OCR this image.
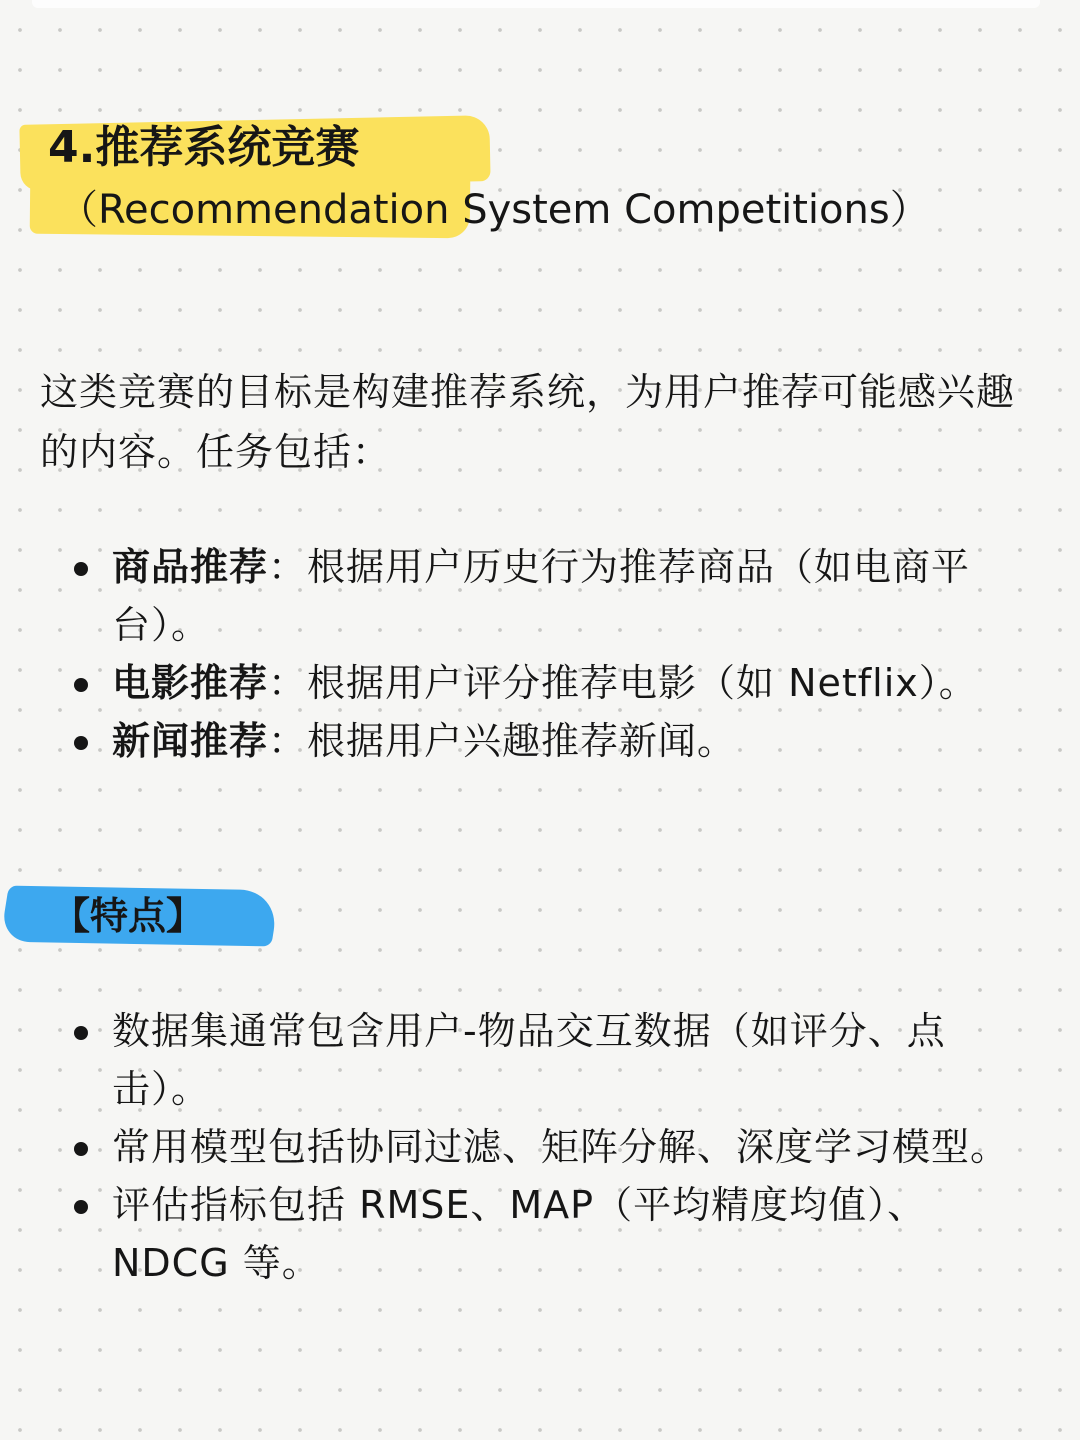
4.推荐系统竞赛
（Recommendation System Competitions）
这类竞赛的目标是构建推荐系统，为用户推荐可能感兴趣的内容。任务包括：
商品推荐：根据用户历史行为推荐商品（如电商平台）。
电影推荐：根据用户评分推荐电影（如 Netflix）。
新闻推荐：根据用户兴趣推荐新闻。
【特点】
数据集通常包含用户-物品交互数据（如评分、点击）。
常用模型包括协同过滤、矩阵分解、深度学习模型。
评估指标包括 RMSE、MAP（平均精度均值）、NDCG 等。
